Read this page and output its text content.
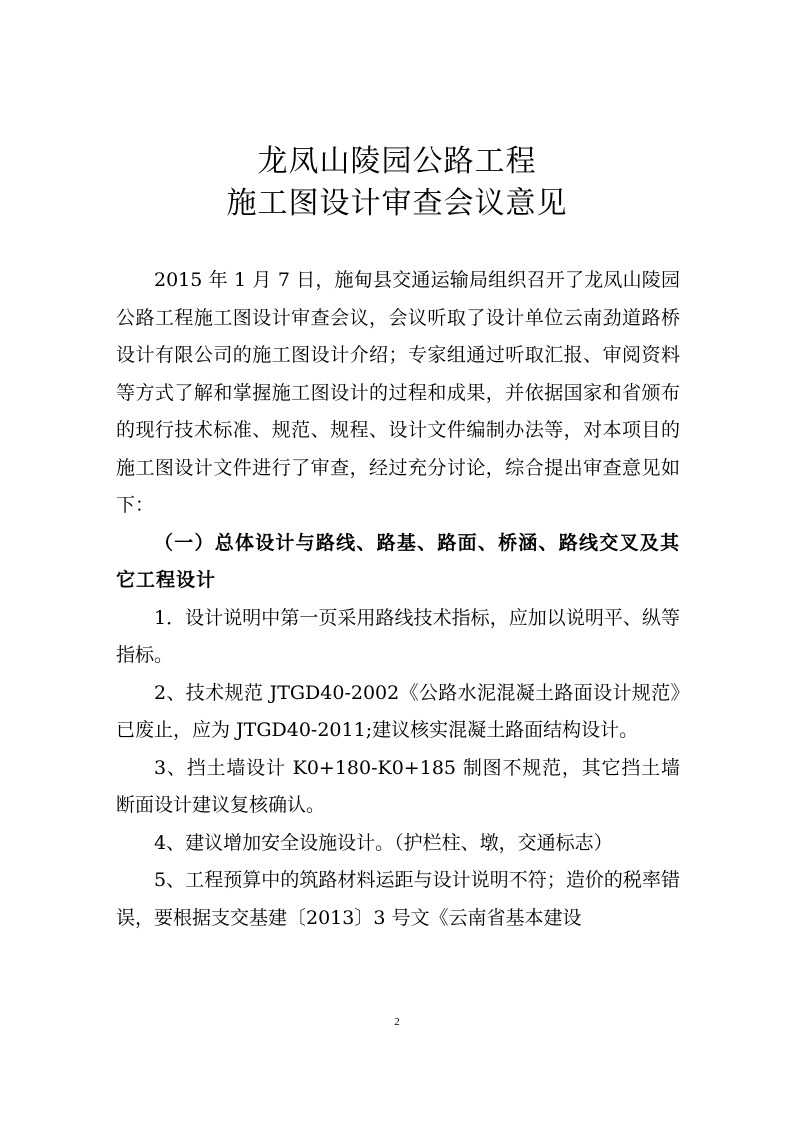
龙凤山陵园公路工程
施工图设计审查会议意见

2015 年 1 月 7 日，施甸县交通运输局组织召开了龙凤山陵园公路工程施工图设计审查会议，会议听取了设计单位云南劲道路桥设计有限公司的施工图设计介绍；专家组通过听取汇报、审阅资料等方式了解和掌握施工图设计的过程和成果，并依据国家和省颁布的现行技术标准、规范、规程、设计文件编制办法等，对本项目的施工图设计文件进行了审查，经过充分讨论，综合提出审查意见如下：

（一）总体设计与路线、路基、路面、桥涵、路线交叉及其它工程设计

1．设计说明中第一页采用路线技术指标，应加以说明平、纵等指标。

2、技术规范 JTGD40-2002《公路水泥混凝土路面设计规范》已废止，应为 JTGD40-2011;建议核实混凝土路面结构设计。

3、挡土墙设计 K0+180-K0+185 制图不规范，其它挡土墙断面设计建议复核确认。

4、建议增加安全设施设计。（护栏柱、墩，交通标志）

5、工程预算中的筑路材料运距与设计说明不符；造价的税率错误，要根据支交基建〔2013〕3 号文《云南省基本建设

2
